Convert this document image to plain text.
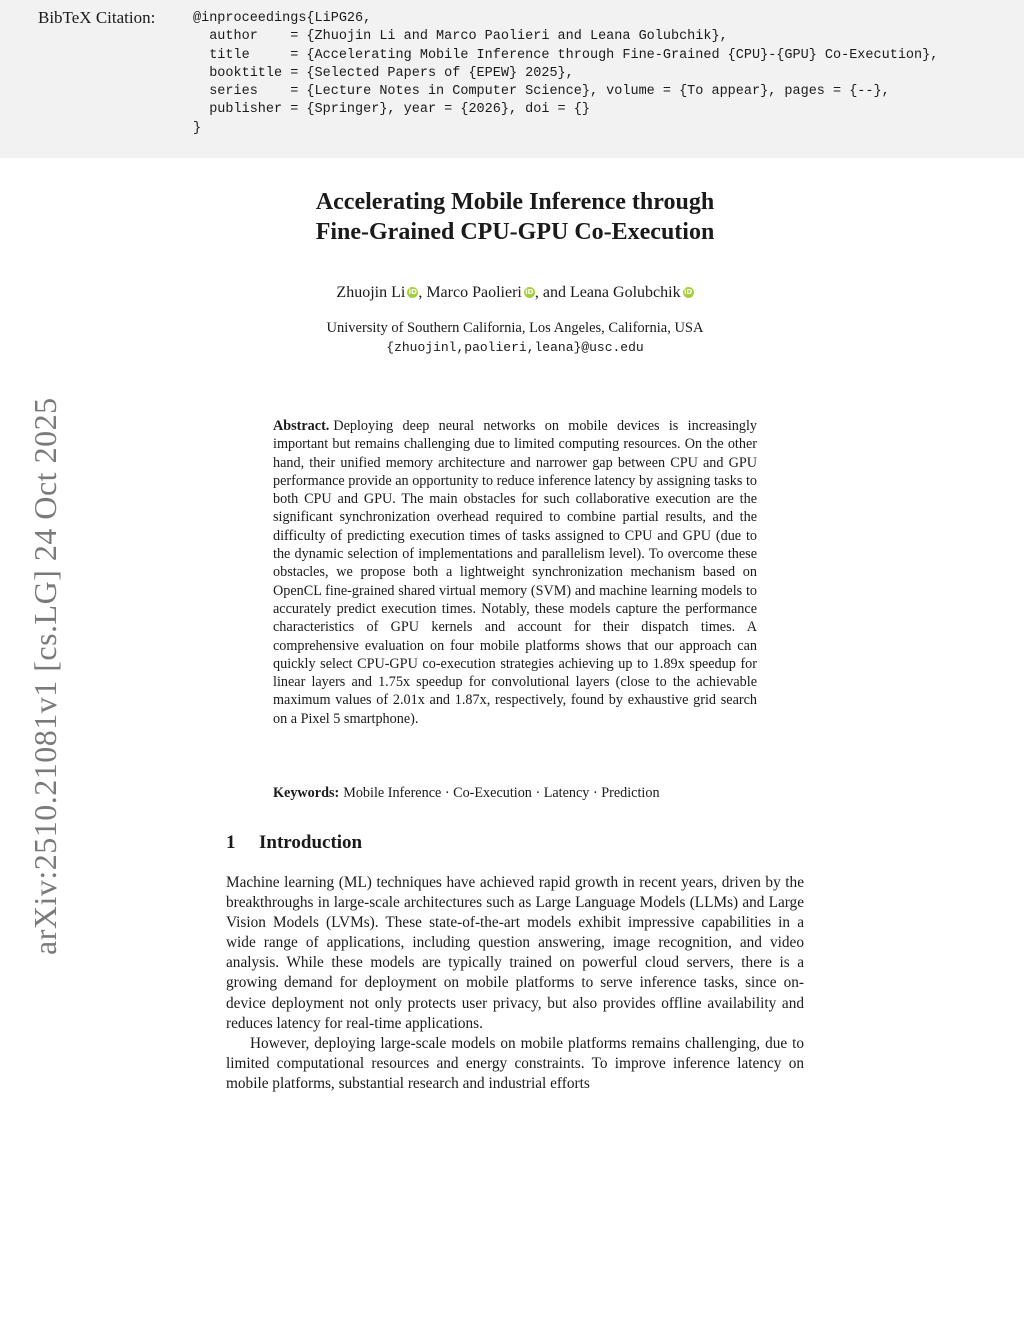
BibTeX Citation:	@inproceedings{LiPG26,
author    = {Zhuojin Li and Marco Paolieri and Leana Golubchik},
title     = {Accelerating Mobile Inference through Fine-Grained {CPU}-{GPU} Co-Execution},
booktitle = {Selected Papers of {EPEW} 2025},
series    = {Lecture Notes in Computer Science}, volume = {To appear}, pages = {--},
publisher = {Springer}, year = {2026}, doi = {}
}
arXiv:2510.21081v1 [cs.LG] 24 Oct 2025
Accelerating Mobile Inference through
Fine-Grained CPU-GPU Co-Execution
Zhuojin Li iD, Marco Paolieri iD, and Leana Golubchik iD
University of Southern California, Los Angeles, California, USA
{zhuojinl,paolieri,leana}@usc.edu
Abstract. Deploying deep neural networks on mobile devices is increasingly important but remains challenging due to limited computing resources. On the other hand, their unified memory architecture and narrower gap between CPU and GPU performance provide an opportunity to reduce inference latency by assigning tasks to both CPU and GPU. The main obstacles for such collaborative execution are the significant synchronization overhead required to combine partial results, and the difficulty of predicting execution times of tasks assigned to CPU and GPU (due to the dynamic selection of implementations and parallelism level). To overcome these obstacles, we propose both a lightweight synchronization mechanism based on OpenCL fine-grained shared virtual memory (SVM) and machine learning models to accurately predict execution times. Notably, these models capture the performance characteristics of GPU kernels and account for their dispatch times. A comprehensive evaluation on four mobile platforms shows that our approach can quickly select CPU-GPU co-execution strategies achieving up to 1.89x speedup for linear layers and 1.75x speedup for convolutional layers (close to the achievable maximum values of 2.01x and 1.87x, respectively, found by exhaustive grid search on a Pixel 5 smartphone).
Keywords: Mobile Inference · Co-Execution · Latency · Prediction
1 Introduction

Machine learning (ML) techniques have achieved rapid growth in recent years, driven by the breakthroughs in large-scale architectures such as Large Language Models (LLMs) and Large Vision Models (LVMs). These state-of-the-art models exhibit impressive capabilities in a wide range of applications, including question answering, image recognition, and video analysis. While these models are typically trained on powerful cloud servers, there is a growing demand for deployment on mobile platforms to serve inference tasks, since on-device deployment not only protects user privacy, but also provides offline availability and reduces latency for real-time applications.

However, deploying large-scale models on mobile platforms remains challenging, due to limited computational resources and energy constraints. To improve inference latency on mobile platforms, substantial research and industrial efforts
